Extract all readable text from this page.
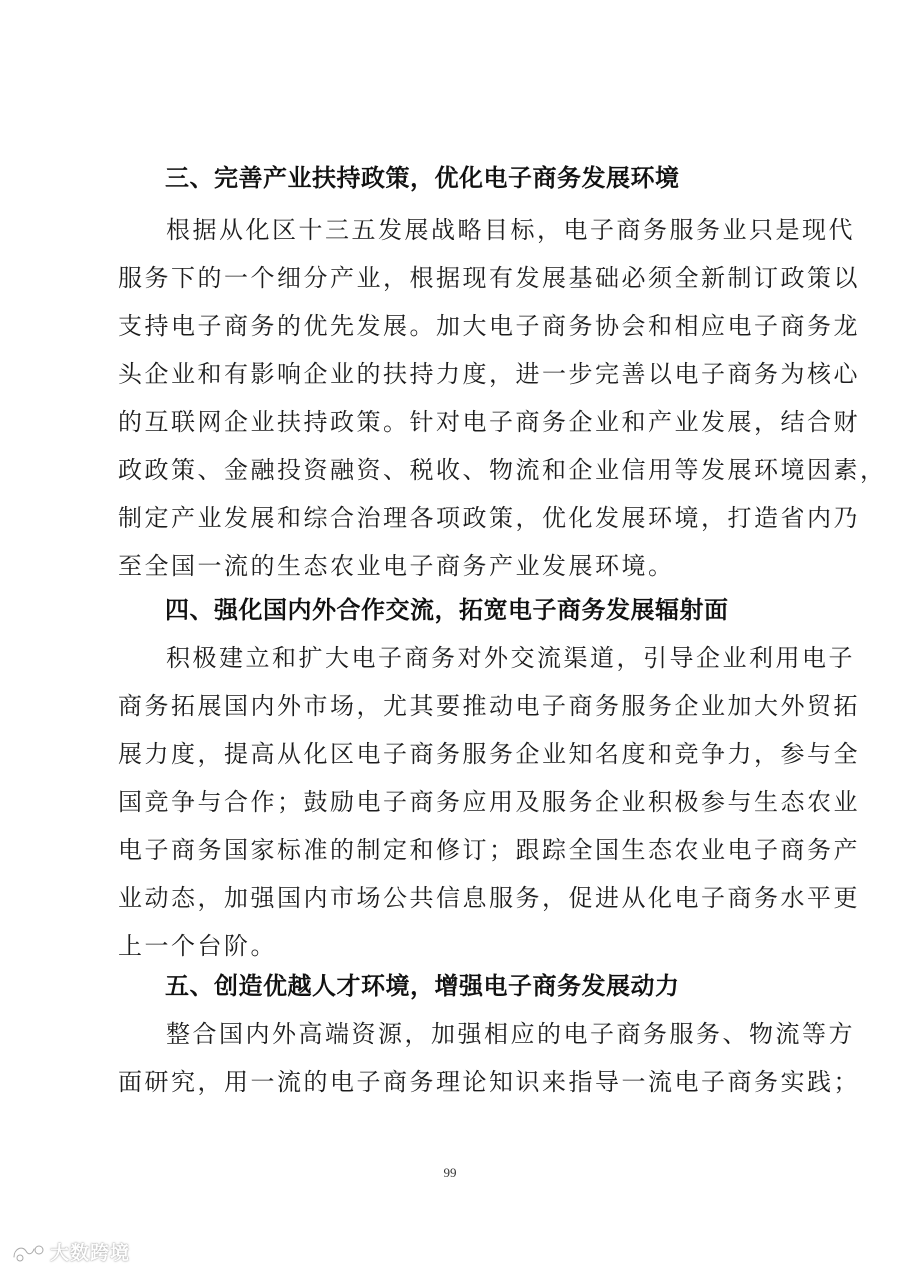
三、完善产业扶持政策，优化电子商务发展环境
根据从化区十三五发展战略目标，电子商务服务业只是现代
服务下的一个细分产业，根据现有发展基础必须全新制订政策以
支持电子商务的优先发展。加大电子商务协会和相应电子商务龙
头企业和有影响企业的扶持力度，进一步完善以电子商务为核心
的互联网企业扶持政策。针对电子商务企业和产业发展，结合财
政政策、金融投资融资、税收、物流和企业信用等发展环境因素，
制定产业发展和综合治理各项政策，优化发展环境，打造省内乃
至全国一流的生态农业电子商务产业发展环境。
四、强化国内外合作交流，拓宽电子商务发展辐射面
积极建立和扩大电子商务对外交流渠道，引导企业利用电子
商务拓展国内外市场，尤其要推动电子商务服务企业加大外贸拓
展力度，提高从化区电子商务服务企业知名度和竞争力，参与全
国竞争与合作；鼓励电子商务应用及服务企业积极参与生态农业
电子商务国家标准的制定和修订；跟踪全国生态农业电子商务产
业动态，加强国内市场公共信息服务，促进从化电子商务水平更
上一个台阶。
五、创造优越人才环境，增强电子商务发展动力
整合国内外高端资源，加强相应的电子商务服务、物流等方
面研究，用一流的电子商务理论知识来指导一流电子商务实践；
99
大数跨境
